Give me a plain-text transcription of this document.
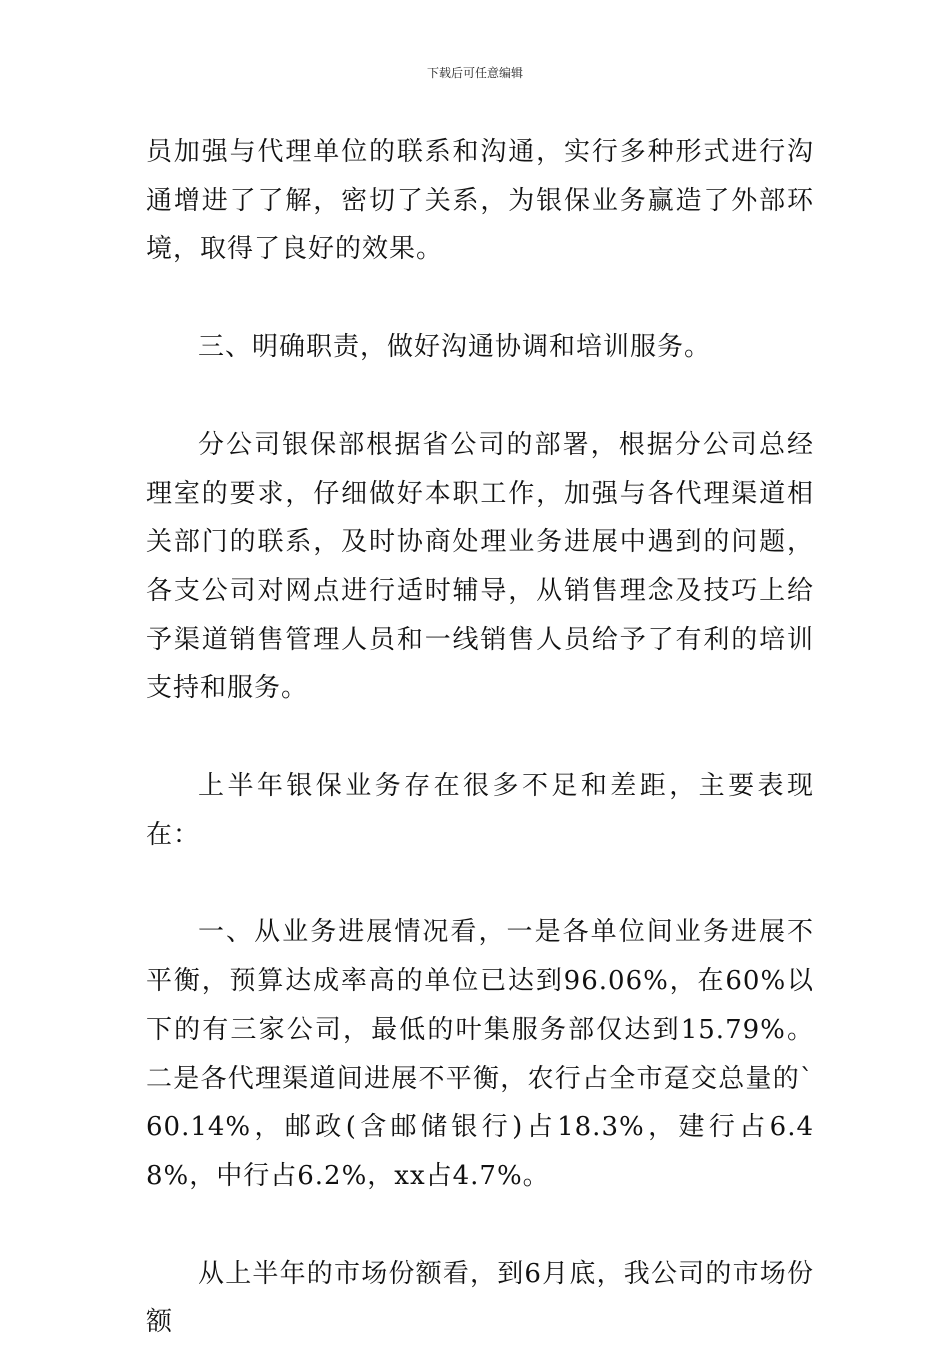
下载后可任意编辑

员加强与代理单位的联系和沟通，实行多种形式进行沟通增进了了解，密切了关系，为银保业务赢造了外部环境，取得了良好的效果。

三、明确职责，做好沟通协调和培训服务。

分公司银保部根据省公司的部署，根据分公司总经理室的要求，仔细做好本职工作，加强与各代理渠道相关部门的联系，及时协商处理业务进展中遇到的问题，各支公司对网点进行适时辅导，从销售理念及技巧上给予渠道销售管理人员和一线销售人员给予了有利的培训支持和服务。

上半年银保业务存在很多不足和差距，主要表现在：

一、从业务进展情况看，一是各单位间业务进展不平衡，预算达成率高的单位已达到96.06%，在60%以下的有三家公司，最低的叶集服务部仅达到15.79%。二是各代理渠道间进展不平衡，农行占全市趸交总量的`60.14%，邮政(含邮储银行)占18.3%，建行占6.48%，中行占6.2%，xx占4.7%。

从上半年的市场份额看，到6月底，我公司的市场份额
